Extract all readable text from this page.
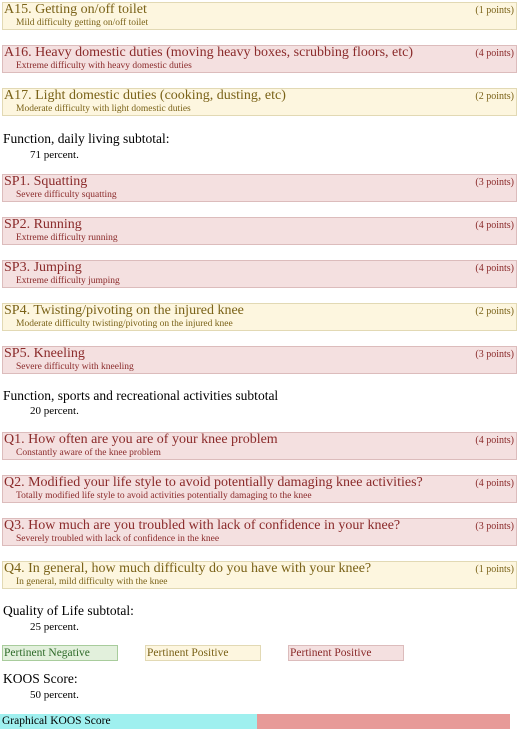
A15. Getting on/off toilet	(1 points)
Mild difficulty getting on/off toilet
A16. Heavy domestic duties (moving heavy boxes, scrubbing floors, etc)	(4 points)
Extreme difficulty with heavy domestic duties
A17. Light domestic duties (cooking, dusting, etc)	(2 points)
Moderate difficulty with light domestic duties
Function, daily living subtotal:
71 percent.
SP1. Squatting	(3 points)
Severe difficulty squatting
SP2. Running	(4 points)
Extreme difficulty running
SP3. Jumping	(4 points)
Extreme difficulty jumping
SP4. Twisting/pivoting on the injured knee	(2 points)
Moderate difficulty twisting/pivoting on the injured knee
SP5. Kneeling	(3 points)
Severe difficulty with kneeling
Function, sports and recreational activities subtotal
20 percent.
Q1. How often are you are of your knee problem	(4 points)
Constantly aware of the knee problem
Q2. Modified your life style to avoid potentially damaging knee activities?	(4 points)
Totally modified life style to avoid activities potentially damaging to the knee
Q3. How much are you troubled with lack of confidence in your knee?	(3 points)
Severely troubled with lack of confidence in the knee
Q4. In general, how much difficulty do you have with your knee?	(1 points)
In general, mild difficulty with the knee
Quality of Life subtotal:
25 percent.
Pertinent Negative	Pertinent Positive	Pertinent Positive
KOOS Score:
50 percent.
Graphical KOOS Score
